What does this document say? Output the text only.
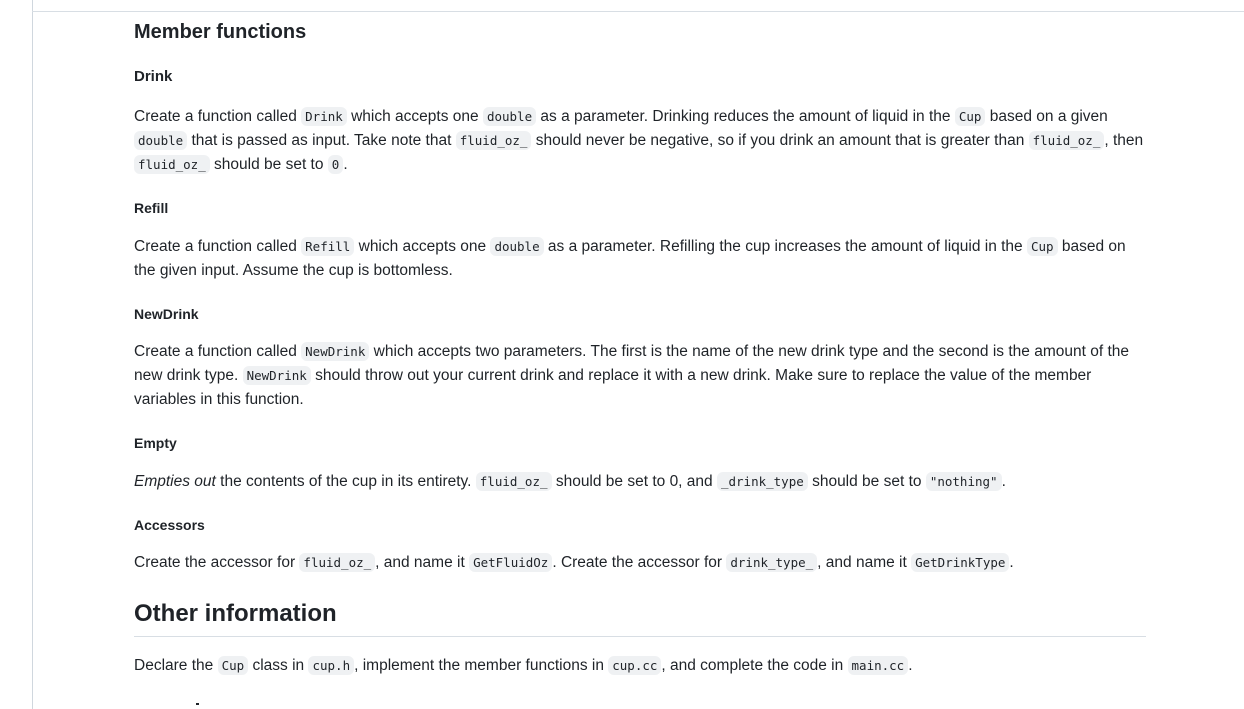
Member functions
Drink

Create a function called Drink which accepts one double as a parameter. Drinking reduces the amount of liquid in the Cup based on a given double that is passed as input. Take note that fluid_oz_ should never be negative, so if you drink an amount that is greater than fluid_oz_ , then fluid_oz_ should be set to 0 .

Refill

Create a function called Refill which accepts one double as a parameter. Refilling the cup increases the amount of liquid in the Cup based on the given input. Assume the cup is bottomless.

NewDrink

Create a function called NewDrink which accepts two parameters. The first is the name of the new drink type and the second is the amount of the new drink type. NewDrink should throw out your current drink and replace it with a new drink. Make sure to replace the value of the member variables in this function.

Empty

Empties out the contents of the cup in its entirety. fluid_oz_ should be set to 0, and _drink_type should be set to "nothing" .

Accessors

Create the accessor for fluid_oz_ , and name it GetFluidOz . Create the accessor for drink_type_ , and name it GetDrinkType .

Other information

Declare the Cup class in cup.h , implement the member functions in cup.cc , and complete the code in main.cc .
